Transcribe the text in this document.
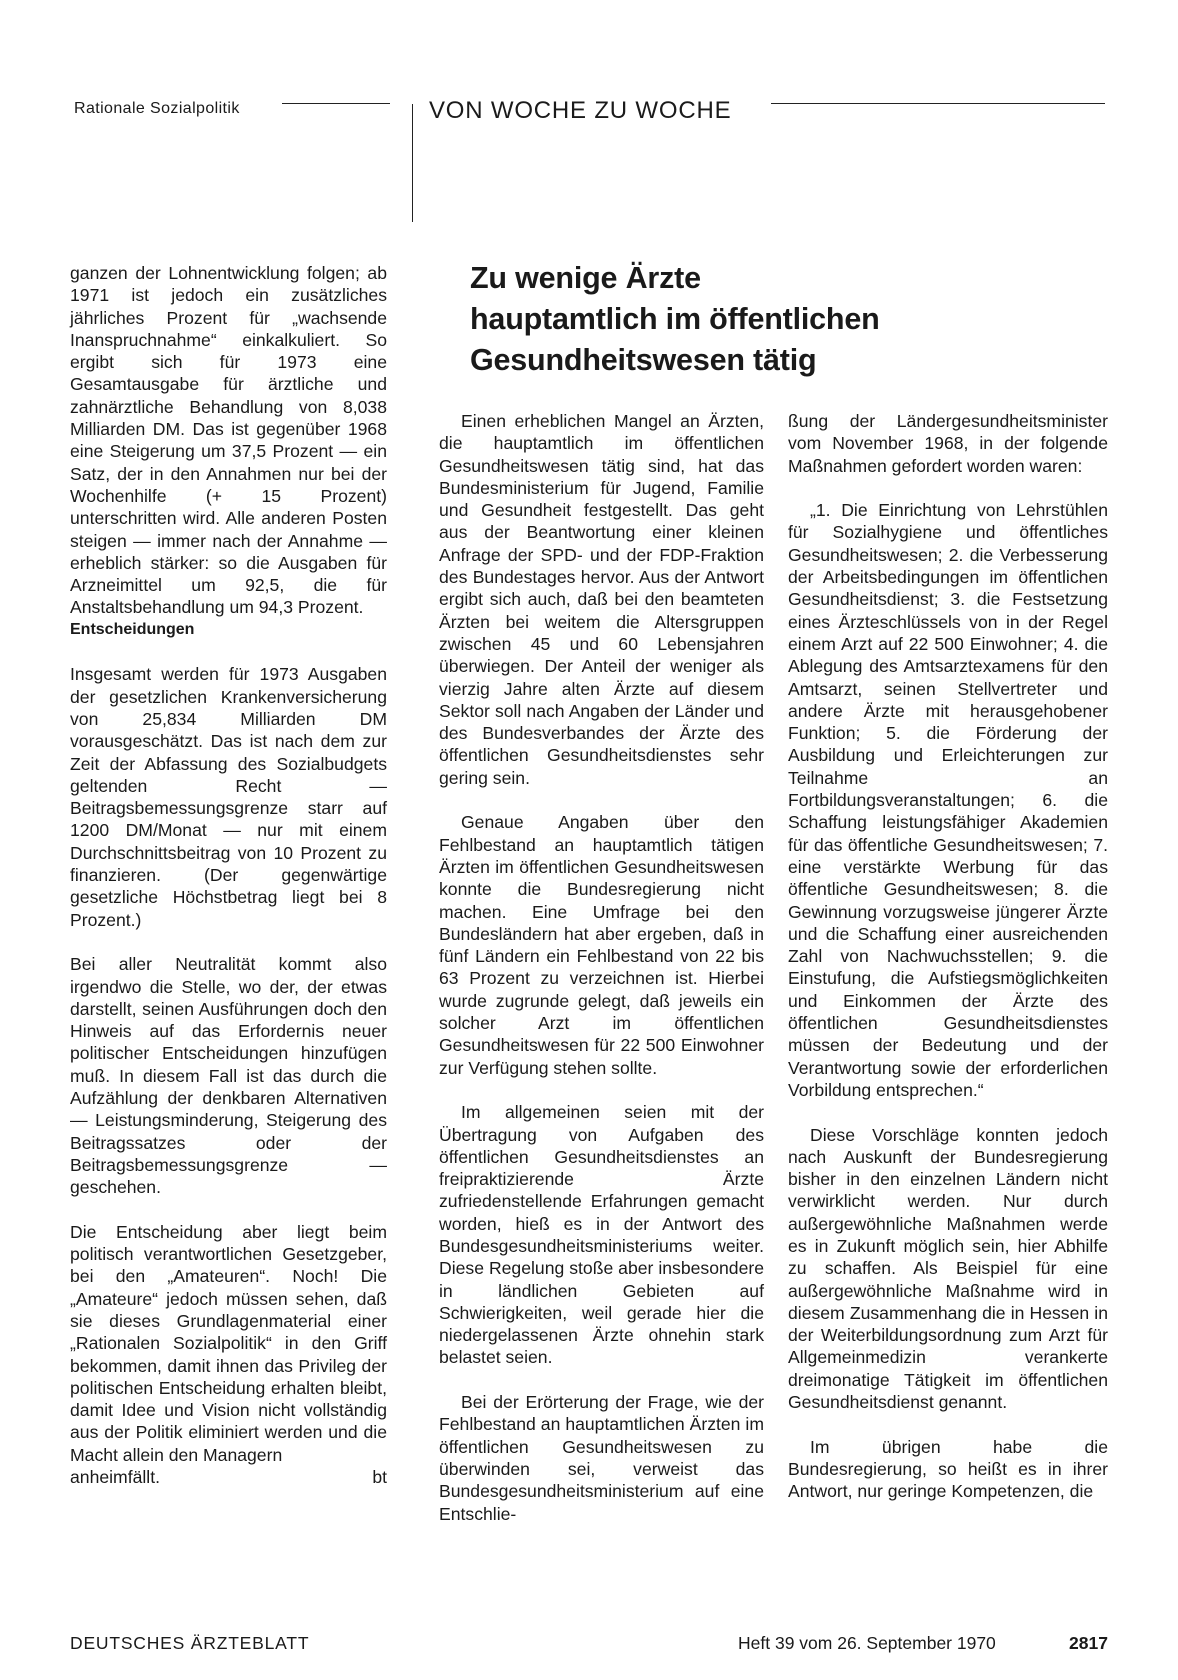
Rationale Sozialpolitik	VON WOCHE ZU WOCHE

ganzen der Lohnentwicklung folgen; ab 1971 ist jedoch ein zusätzliches jährliches Prozent für „wachsende Inanspruchnahme“ einkalkuliert. So ergibt sich für 1973 eine Gesamtausgabe für ärztliche und zahnärztliche Behandlung von 8,038 Milliarden DM. Das ist gegenüber 1968 eine Steigerung um 37,5 Prozent — ein Satz, der in den Annahmen nur bei der Wochenhilfe (+ 15 Prozent) unterschritten wird. Alle anderen Posten steigen — immer nach der Annahme — erheblich stärker: so die Ausgaben für Arzneimittel um 92,5, die für Anstaltsbehandlung um 94,3 Prozent.

Entscheidungen

Insgesamt werden für 1973 Ausgaben der gesetzlichen Krankenversicherung von 25,834 Milliarden DM vorausgeschätzt. Das ist nach dem zur Zeit der Abfassung des Sozialbudgets geltenden Recht — Beitragsbemessungsgrenze starr auf 1200 DM/Monat — nur mit einem Durchschnittsbeitrag von 10 Prozent zu finanzieren. (Der gegenwärtige gesetzliche Höchstbetrag liegt bei 8 Prozent.)

Bei aller Neutralität kommt also irgendwo die Stelle, wo der, der etwas darstellt, seinen Ausführungen doch den Hinweis auf das Erfordernis neuer politischer Entscheidungen hinzufügen muß. In diesem Fall ist das durch die Aufzählung der denkbaren Alternativen — Leistungsminderung, Steigerung des Beitragssatzes oder der Beitragsbemessungsgrenze — geschehen.

Die Entscheidung aber liegt beim politisch verantwortlichen Gesetzgeber, bei den „Amateuren“. Noch! Die „Amateure“ jedoch müssen sehen, daß sie dieses Grundlagenmaterial einer „Rationalen Sozialpolitik“ in den Griff bekommen, damit ihnen das Privileg der politischen Entscheidung erhalten bleibt, damit Idee und Vision nicht vollständig aus der Politik eliminiert werden und die Macht allein den Managern

anheimfällt.	bt
Zu wenige Ärzte
hauptamtlich im öffentlichen
Gesundheitswesen tätig

Einen erheblichen Mangel an Ärzten, die hauptamtlich im öffentlichen Gesundheitswesen tätig sind, hat das Bundesministerium für Jugend, Familie und Gesundheit festgestellt. Das geht aus der Beantwortung einer kleinen Anfrage der SPD- und der FDP-Fraktion des Bundestages hervor. Aus der Antwort ergibt sich auch, daß bei den beamteten Ärzten bei weitem die Altersgruppen zwischen 45 und 60 Lebensjahren überwiegen. Der Anteil der weniger als vierzig Jahre alten Ärzte auf diesem Sektor soll nach Angaben der Länder und des Bundesverbandes der Ärzte des öffentlichen Gesundheitsdienstes sehr gering sein.

Genaue Angaben über den Fehlbestand an hauptamtlich tätigen Ärzten im öffentlichen Gesundheitswesen konnte die Bundesregierung nicht machen. Eine Umfrage bei den Bundesländern hat aber ergeben, daß in fünf Ländern ein Fehlbestand von 22 bis 63 Prozent zu verzeichnen ist. Hierbei wurde zugrunde gelegt, daß jeweils ein solcher Arzt im öffentlichen Gesundheitswesen für 22 500 Einwohner zur Verfügung stehen sollte.

Im allgemeinen seien mit der Übertragung von Aufgaben des öffentlichen Gesundheitsdienstes an freipraktizierende Ärzte zufriedenstellende Erfahrungen gemacht worden, hieß es in der Antwort des Bundesgesundheitsministeriums weiter. Diese Regelung stoße aber insbesondere in ländlichen Gebieten auf Schwierigkeiten, weil gerade hier die niedergelassenen Ärzte ohnehin stark belastet seien.

Bei der Erörterung der Frage, wie der Fehlbestand an hauptamtlichen Ärzten im öffentlichen Gesundheitswesen zu überwinden sei, verweist das Bundesgesundheitsministerium auf eine Entschlie-

ßung der Ländergesundheitsminister vom November 1968, in der folgende Maßnahmen gefordert worden waren:

„1. Die Einrichtung von Lehrstühlen für Sozialhygiene und öffentliches Gesundheitswesen; 2. die Verbesserung der Arbeitsbedingungen im öffentlichen Gesundheitsdienst; 3. die Festsetzung eines Ärzteschlüssels von in der Regel einem Arzt auf 22 500 Einwohner; 4. die Ablegung des Amtsarztexamens für den Amtsarzt, seinen Stellvertreter und andere Ärzte mit herausgehobener Funktion; 5. die Förderung der Ausbildung und Erleichterungen zur Teilnahme an Fortbildungsveranstaltungen; 6. die Schaffung leistungsfähiger Akademien für das öffentliche Gesundheitswesen; 7. eine verstärkte Werbung für das öffentliche Gesundheitswesen; 8. die Gewinnung vorzugsweise jüngerer Ärzte und die Schaffung einer ausreichenden Zahl von Nachwuchsstellen; 9. die Einstufung, die Aufstiegsmöglichkeiten und Einkommen der Ärzte des öffentlichen Gesundheitsdienstes müssen der Bedeutung und der Verantwortung sowie der erforderlichen Vorbildung entsprechen.“

Diese Vorschläge konnten jedoch nach Auskunft der Bundesregierung bisher in den einzelnen Ländern nicht verwirklicht werden. Nur durch außergewöhnliche Maßnahmen werde es in Zukunft möglich sein, hier Abhilfe zu schaffen. Als Beispiel für eine außergewöhnliche Maßnahme wird in diesem Zusammenhang die in Hessen in der Weiterbildungsordnung zum Arzt für Allgemeinmedizin verankerte dreimonatige Tätigkeit im öffentlichen Gesundheitsdienst genannt.

Im übrigen habe die Bundesregierung, so heißt es in ihrer Antwort, nur geringe Kompetenzen, die

DEUTSCHES ÄRZTEBLATT	Heft 39 vom 26. September 1970	2817
